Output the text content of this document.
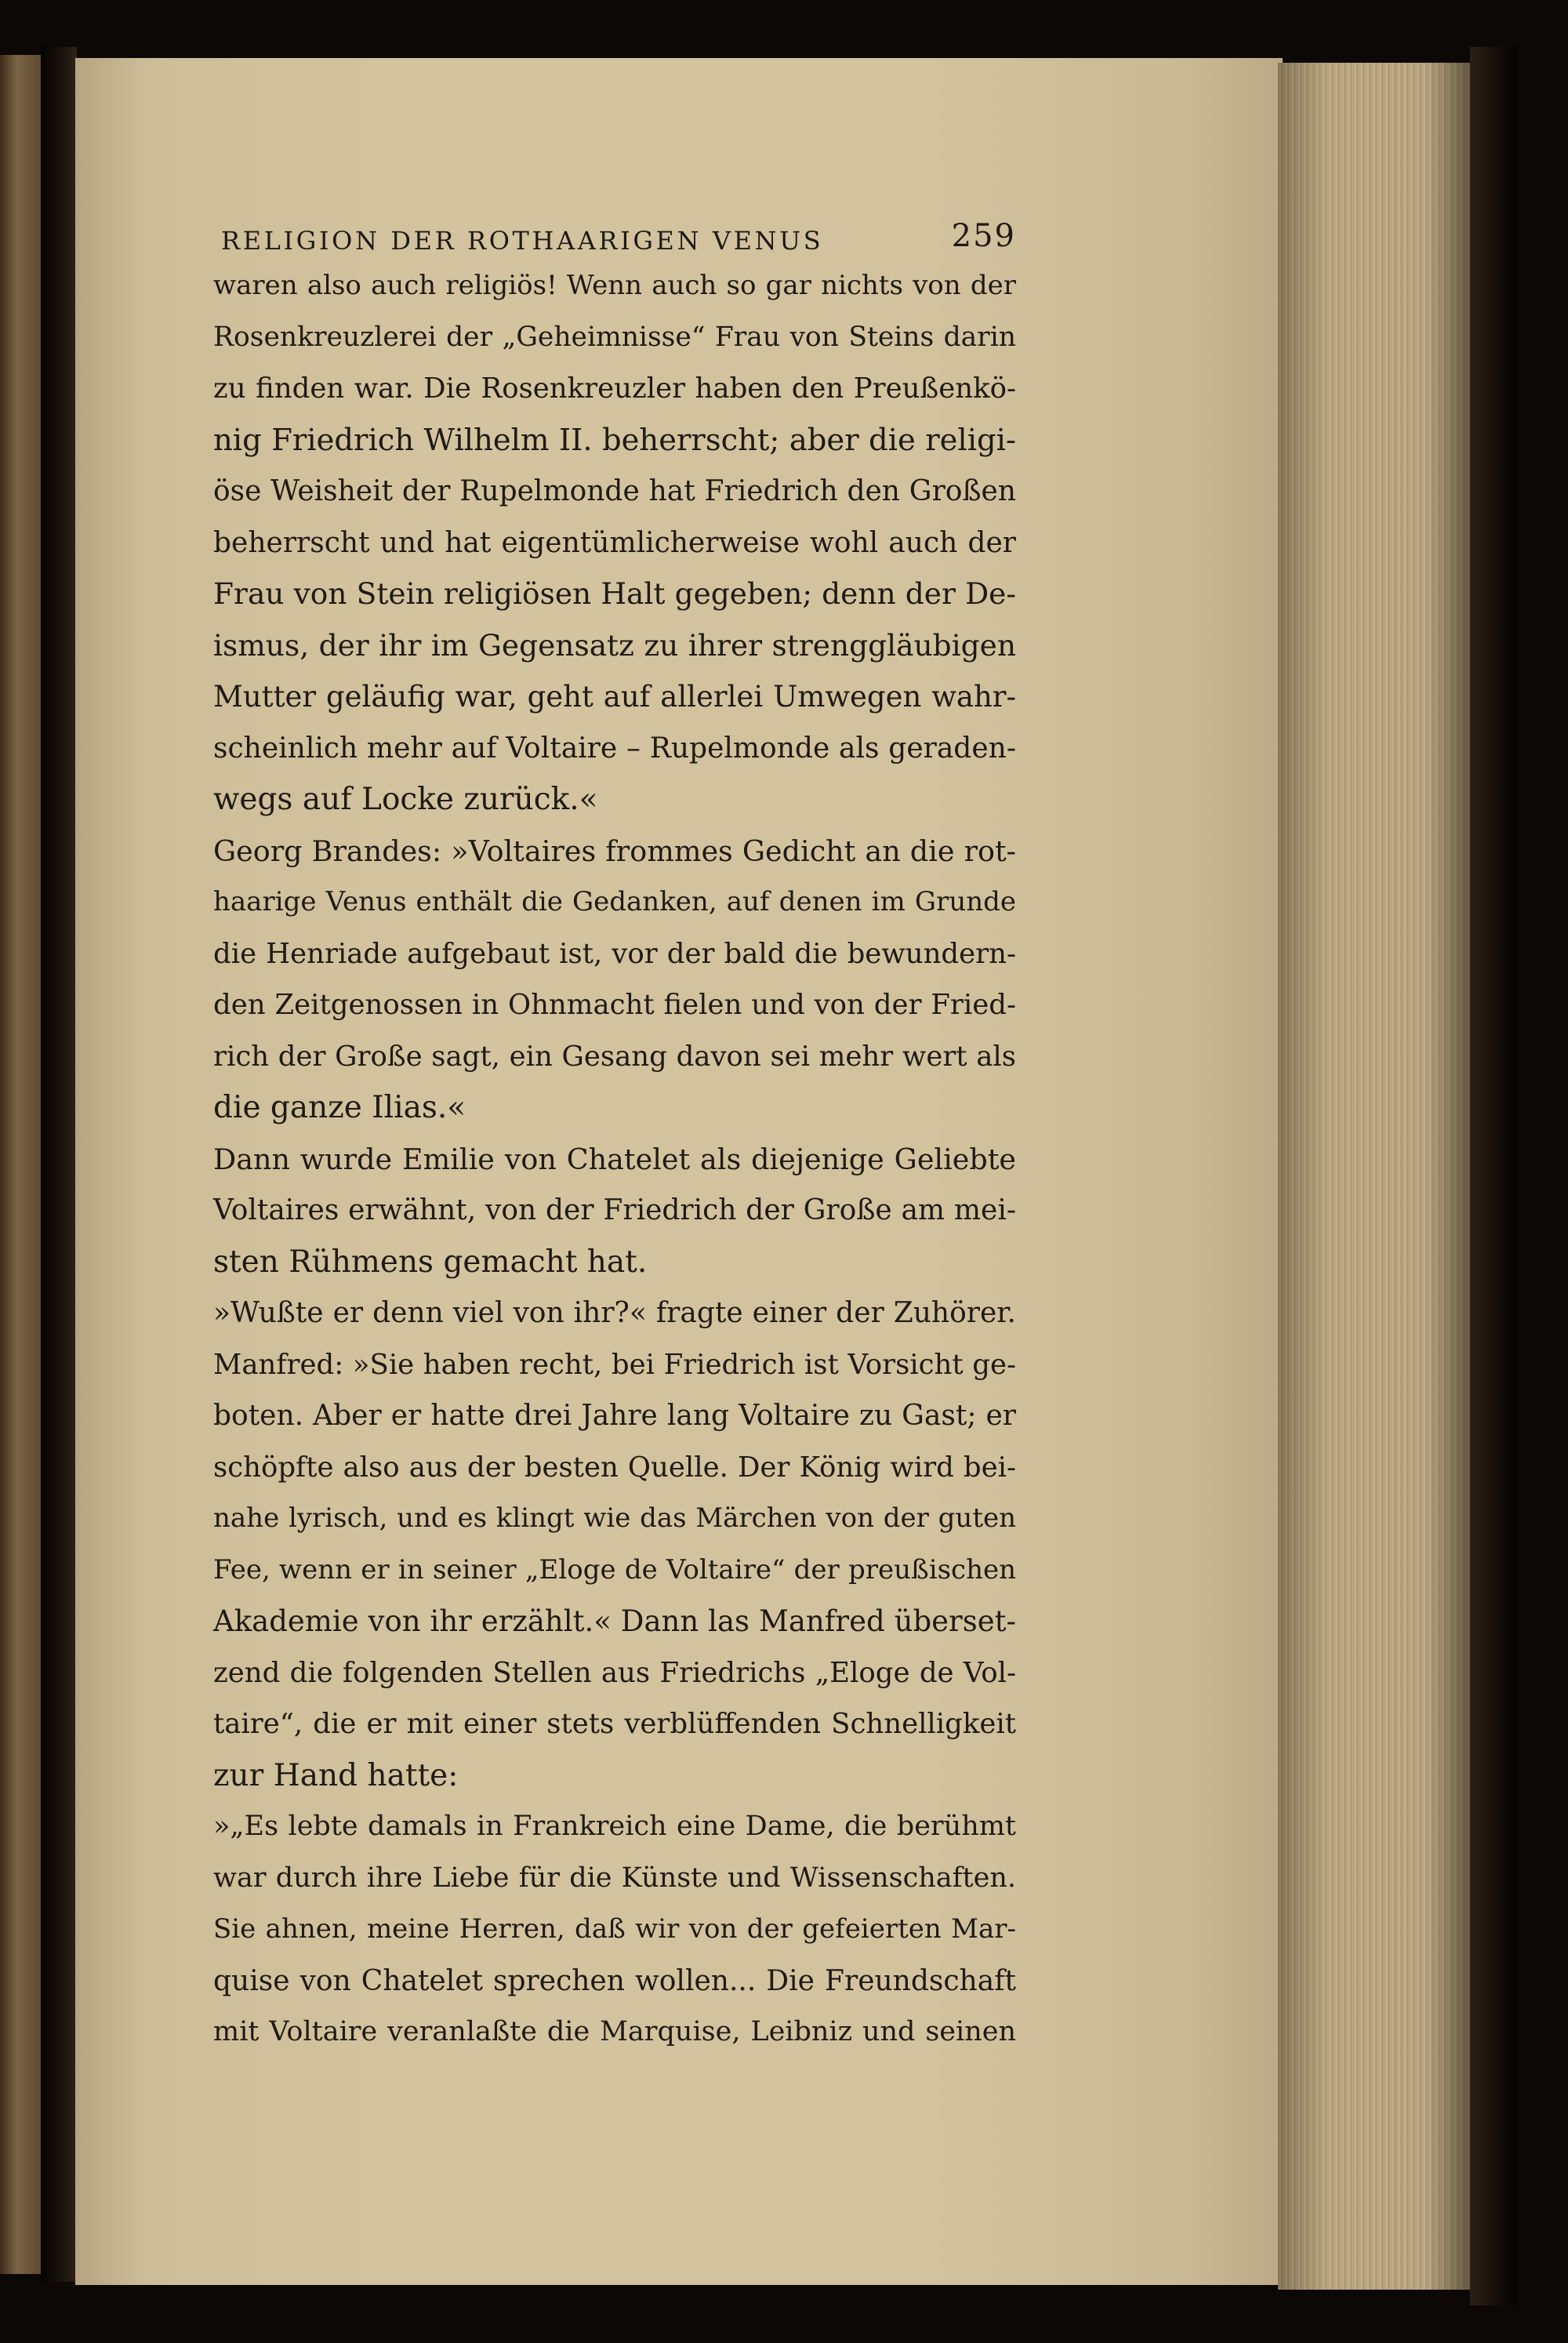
RELIGION DER ROTHAARIGEN VENUS	259
waren also auch religiös! Wenn auch so gar nichts von der
Rosenkreuzlerei der „Geheimnisse“ Frau von Steins darin
zu finden war. Die Rosenkreuzler haben den Preußenkö-
nig Friedrich Wilhelm II. beherrscht; aber die religi-
öse Weisheit der Rupelmonde hat Friedrich den Großen
beherrscht und hat eigentümlicherweise wohl auch der
Frau von Stein religiösen Halt gegeben; denn der De-
ismus, der ihr im Gegensatz zu ihrer strenggläubigen
Mutter geläufig war, geht auf allerlei Umwegen wahr-
scheinlich mehr auf Voltaire – Rupelmonde als geraden-
wegs auf Locke zurück.«
Georg Brandes: »Voltaires frommes Gedicht an die rot-
haarige Venus enthält die Gedanken, auf denen im Grunde
die Henriade aufgebaut ist, vor der bald die bewundern-
den Zeitgenossen in Ohnmacht fielen und von der Fried-
rich der Große sagt, ein Gesang davon sei mehr wert als
die ganze Ilias.«
Dann wurde Emilie von Chatelet als diejenige Geliebte
Voltaires erwähnt, von der Friedrich der Große am mei-
sten Rühmens gemacht hat.
»Wußte er denn viel von ihr?« fragte einer der Zuhörer.
Manfred: »Sie haben recht, bei Friedrich ist Vorsicht ge-
boten. Aber er hatte drei Jahre lang Voltaire zu Gast; er
schöpfte also aus der besten Quelle. Der König wird bei-
nahe lyrisch, und es klingt wie das Märchen von der guten
Fee, wenn er in seiner „Eloge de Voltaire“ der preußischen
Akademie von ihr erzählt.« Dann las Manfred überset-
zend die folgenden Stellen aus Friedrichs „Eloge de Vol-
taire“, die er mit einer stets verblüffenden Schnelligkeit
zur Hand hatte:
»„Es lebte damals in Frankreich eine Dame, die berühmt
war durch ihre Liebe für die Künste und Wissenschaften.
Sie ahnen, meine Herren, daß wir von der gefeierten Mar-
quise von Chatelet sprechen wollen... Die Freundschaft
mit Voltaire veranlaßte die Marquise, Leibniz und seinen
